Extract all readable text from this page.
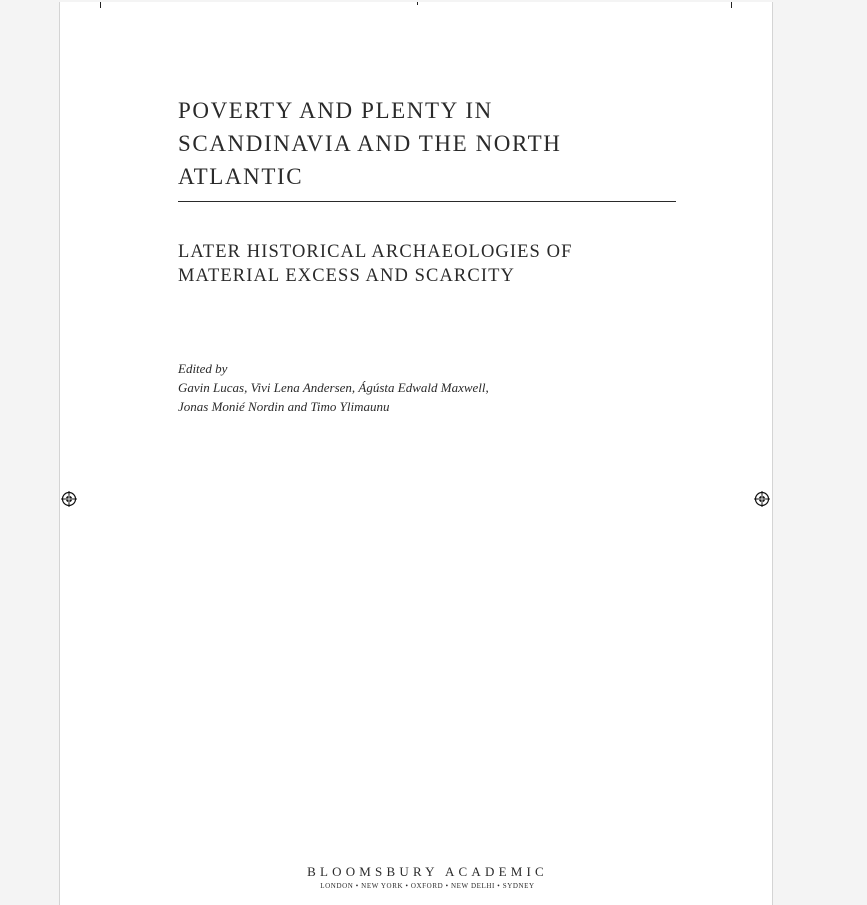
POVERTY AND PLENTY IN
SCANDINAVIA AND THE NORTH
ATLANTIC
LATER HISTORICAL ARCHAEOLOGIES OF
MATERIAL EXCESS AND SCARCITY
Edited by
Gavin Lucas, Vivi Lena Andersen, Ágústa Edwald Maxwell,
Jonas Monié Nordin and Timo Ylimaunu
BLOOMSBURY ACADEMIC
LONDON • NEW YORK • OXFORD • NEW DELHI • SYDNEY
